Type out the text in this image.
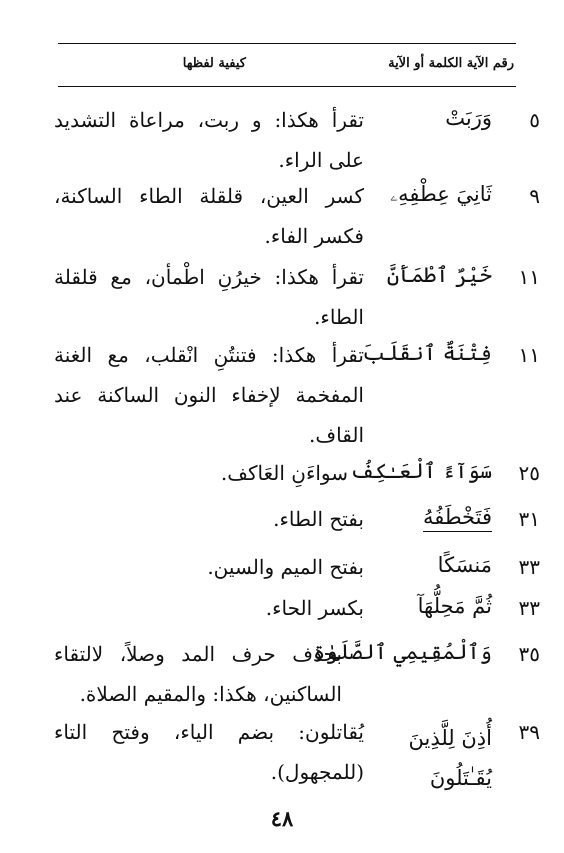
رقم الآية الكلمة أو الآية
كيفية لفظها
٥
وَرَبَتْ
تقرأ هكذا: و ربت، مراعاة التشديد على الراء.
٩
ثَانِيَ عِطْفِهِۦ
كسر العين، قلقلة الطاء الساكنة، فكسر الفاء.
١١
خَيْرٌ ٱطْمَأَنَّ
تقرأ هكذا: خيرُنِ اطْمأن، مع قلقلة الطاء.
١١
فِتْنَةٌ ٱنقَلَبَ
تقرأ هكذا: فتنتُنِ انْقلب، مع الغنة المفخمة لإخفاء النون الساكنة عند القاف.
٢٥
سَوَآءً ٱلْعَـٰكِفُ
سواءَنِ العَاكف.
٣١
فَتَخْطَفُهُ
بفتح الطاء.
٣٣
مَنسَكًا
بفتح الميم والسين.
٣٣
ثُمَّ مَحِلُّهَآ
بكسر الحاء.
٣٥
وَٱلْمُقِيمِي ٱلصَّلَوٰةِ
بحذف حرف المد وصلاً، لالتقاء الساكنين، هكذا: والمقيم الصلاة.
٣٩
أُذِنَ لِلَّذِينَ يُقَـٰتَلُونَ
يُقاتلون: بضم الياء، وفتح التاء (للمجهول).
٤٨
